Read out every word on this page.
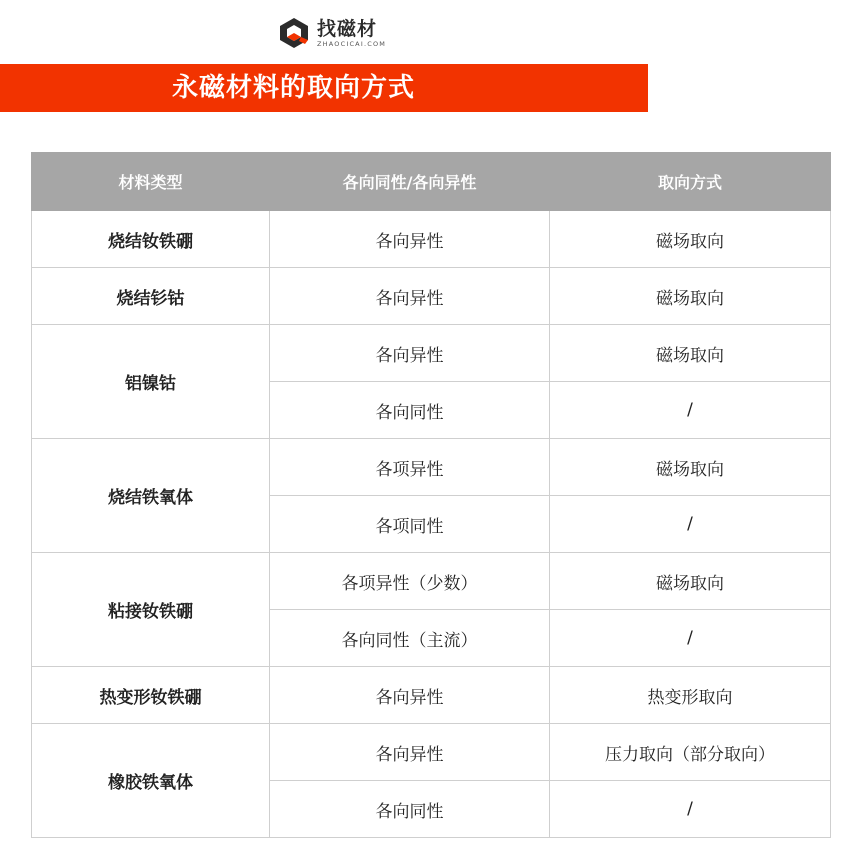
找磁材
ZHAOCICAI.COM
永磁材料的取向方式
材料类型	各向同性/各向异性	取向方式
烧结钕铁硼	各向异性	磁场取向
烧结钐钴	各向异性	磁场取向
铝镍钴	各向异性	磁场取向
	各向同性	/
烧结铁氧体	各项异性	磁场取向
	各项同性	/
粘接钕铁硼	各项异性（少数）	磁场取向
	各向同性（主流）	/
热变形钕铁硼	各向异性	热变形取向
橡胶铁氧体	各向异性	压力取向（部分取向）
	各向同性	/
